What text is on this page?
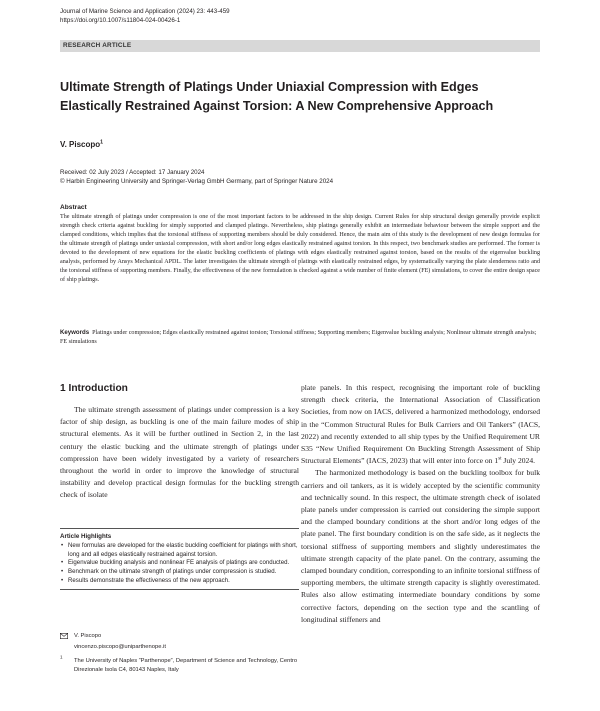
Journal of Marine Science and Application (2024) 23: 443-459
https://doi.org/10.1007/s11804-024-00426-1
RESEARCH ARTICLE
Ultimate Strength of Platings Under Uniaxial Compression with Edges
Elastically Restrained Against Torsion: A New Comprehensive Approach
V. Piscopo$^1$
Received: 02 July 2023 / Accepted: 17 January 2024
© Harbin Engineering University and Springer-Verlag GmbH Germany, part of Springer Nature 2024
Abstract
The ultimate strength of platings under compression is one of the most important factors to be addressed in the ship design. Current Rules for ship structural design generally provide explicit strength check criteria against buckling for simply supported and clamped platings. Nevertheless, ship platings generally exhibit an intermediate behaviour between the simple support and the clamped conditions, which implies that the torsional stiffness of supporting members should be duly considered. Hence, the main aim of this study is the development of new design formulas for the ultimate strength of platings under uniaxial compression, with short and/or long edges elastically restrained against torsion. In this respect, two benchmark studies are performed. The former is devoted to the development of new equations for the elastic buckling coefficients of platings with edges elastically restrained against torsion, based on the results of the eigenvalue buckling analysis, performed by Ansys Mechanical APDL. The latter investigates the ultimate strength of platings with elastically restrained edges, by systematically varying the plate slenderness ratio and the torsional stiffness of supporting members. Finally, the effectiveness of the new formulation is checked against a wide number of finite element (FE) simulations, to cover the entire design space of ship platings.
Keywords Platings under compression; Edges elastically restrained against torsion; Torsional stiffness; Supporting members; Eigenvalue buckling analysis; Nonlinear ultimate strength analysis; FE simulations
1 Introduction

The ultimate strength assessment of platings under compression is a key factor of ship design, as buckling is one of the main failure modes of ship structural elements. As it will be further outlined in Section 2, in the last century the elastic bucking and the ultimate strength of platings under compression have been widely investigated by a variety of researchers throughout the world in order to improve the knowledge of structural instability and develop practical design formulas for the buckling strength check of isolate

plate panels. In this respect, recognising the important role of buckling strength check criteria, the International Association of Classification Societies, from now on IACS, delivered a harmonized methodology, endorsed in the “Common Structural Rules for Bulk Carriers and Oil Tankers” (IACS, 2022) and recently extended to all ship types by the Unified Requirement UR S35 “New Unified Requirement On Buckling Strength Assessment of Ship Structural Elements” (IACS, 2023) that will enter into force on 1st July 2024.

The harmonized methodology is based on the buckling toolbox for bulk carriers and oil tankers, as it is widely accepted by the scientific community and technically sound. In this respect, the ultimate strength check of isolated plate panels under compression is carried out considering the simple support and the clamped boundary conditions at the short and/or long edges of the plate panel. The first boundary condition is on the safe side, as it neglects the torsional stiffness of supporting members and slightly underestimates the ultimate strength capacity of the plate panel. On the contrary, assuming the clamped boundary condition, corresponding to an infinite torsional stiffness of supporting members, the ultimate strength capacity is slightly overestimated. Rules also allow estimating intermediate boundary conditions by some corrective factors, depending on the section type and the scantling of longitudinal stiffeners and

Article Highlights
• New formulas are developed for the elastic buckling coefficient for platings with short, long and all edges elastically restrained against torsion.
• Eigenvalue buckling analysis and nonlinear FE analysis of platings are conducted.
• Benchmark on the ultimate strength of platings under compression is studied.
• Results demonstrate the effectiveness of the new approach.
V. Piscopo
vincenzo.piscopo@uniparthenope.it
$^1$
The University of Naples “Parthenope”, Department of Science and Technology, Centro Direzionale Isola C4, 80143 Naples, Italy
